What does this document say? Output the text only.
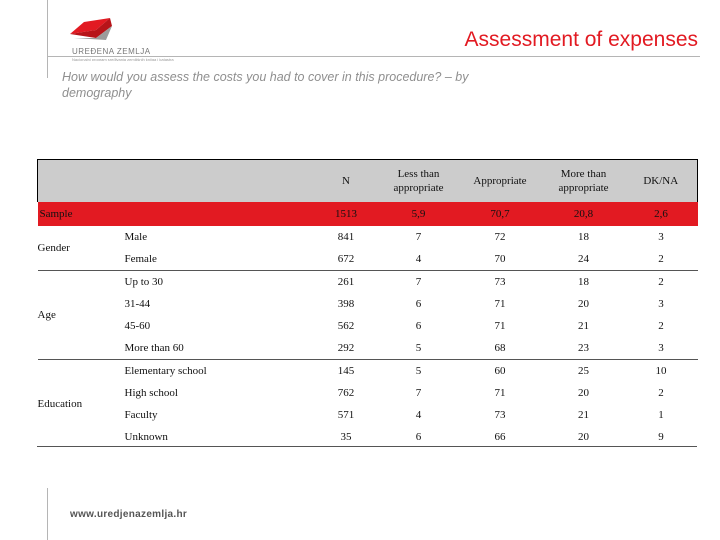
UREĐENA ZEMLJA
Nacionalni program sređivanja zemljišnih knjiga i katastra
Assessment of expenses
How would you assess the costs you had to cover in this procedure? – by demography
		N	Less than appropriate	Appropriate	More than appropriate	DK/NA
Sample		1513	5,9	70,7	20,8	2,6
Gender	Male	841	7	72	18	3
	Female	672	4	70	24	2
Age	Up to 30	261	7	73	18	2
	31-44	398	6	71	20	3
	45-60	562	6	71	21	2
	More than 60	292	5	68	23	3
Education	Elementary school	145	5	60	25	10
	High school	762	7	71	20	2
	Faculty	571	4	73	21	1
	Unknown	35	6	66	20	9
www.uredjenazemlja.hr
